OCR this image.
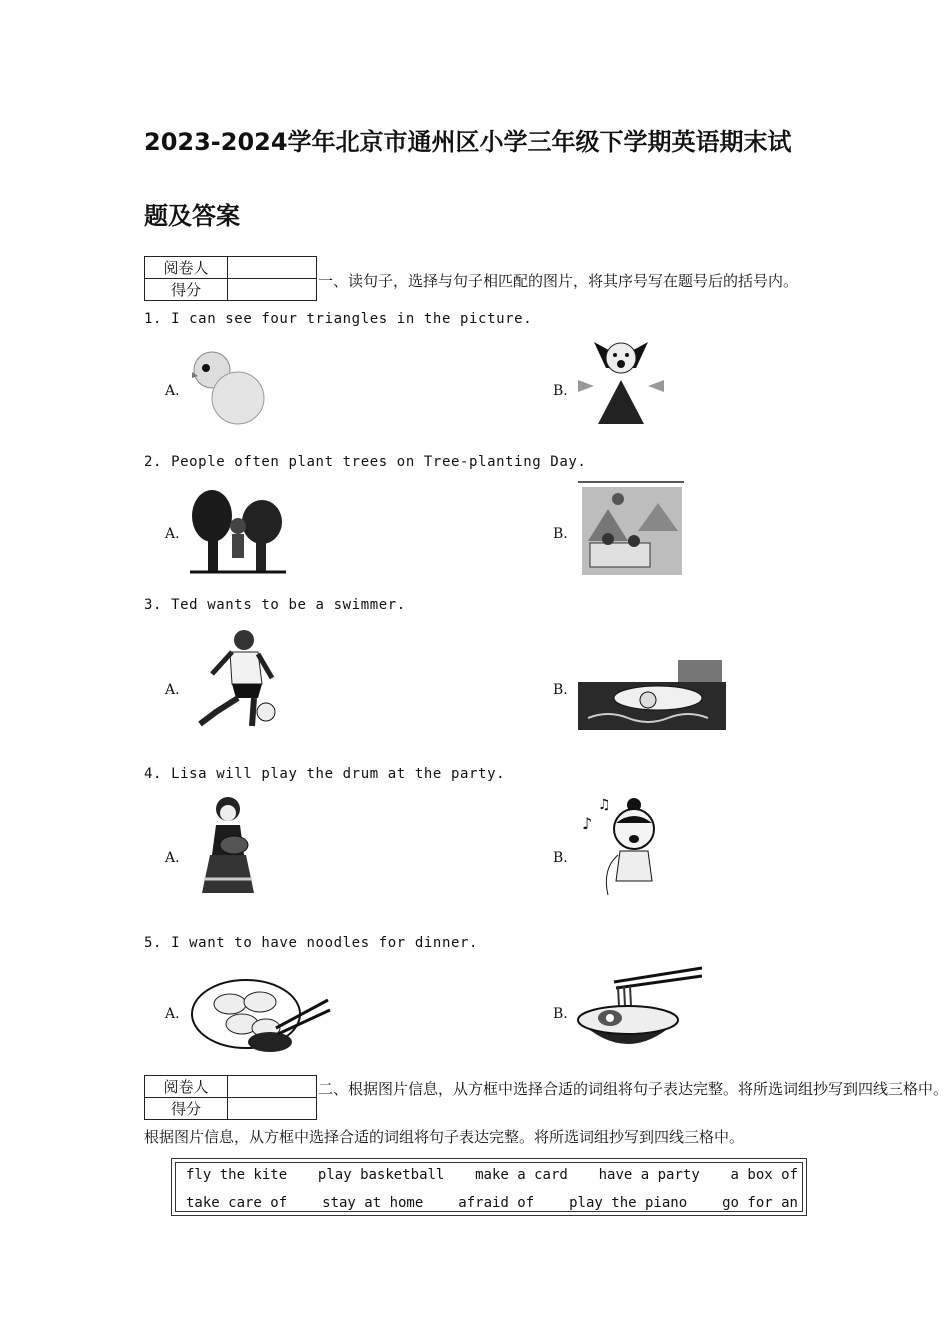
2023-2024学年北京市通州区小学三年级下学期英语期末试
题及答案
阅卷人	
得分		一、读句子，选择与句子相匹配的图片，将其序号写在题号后的括号内。
1. I can see four triangles in the picture.
A.	B.
2. People often plant trees on Tree-planting Day.
A.	B.
3. Ted wants to be a swimmer.
A.	B.
4. Lisa will play the drum at the party.
A.	B.
♪
♫
5. I want to have noodles for dinner.
A.	B.
阅卷人	
得分	
二、根据图片信息，从方框中选择合适的词组将句子表达完整。将所选词组抄写到四线三格中。
根据图片信息，从方框中选择合适的词组将句子表达完整。将所选词组抄写到四线三格中。
fly the kite play basketball make a card have a party a box of
take care of stay at home afraid of play the piano go for an
